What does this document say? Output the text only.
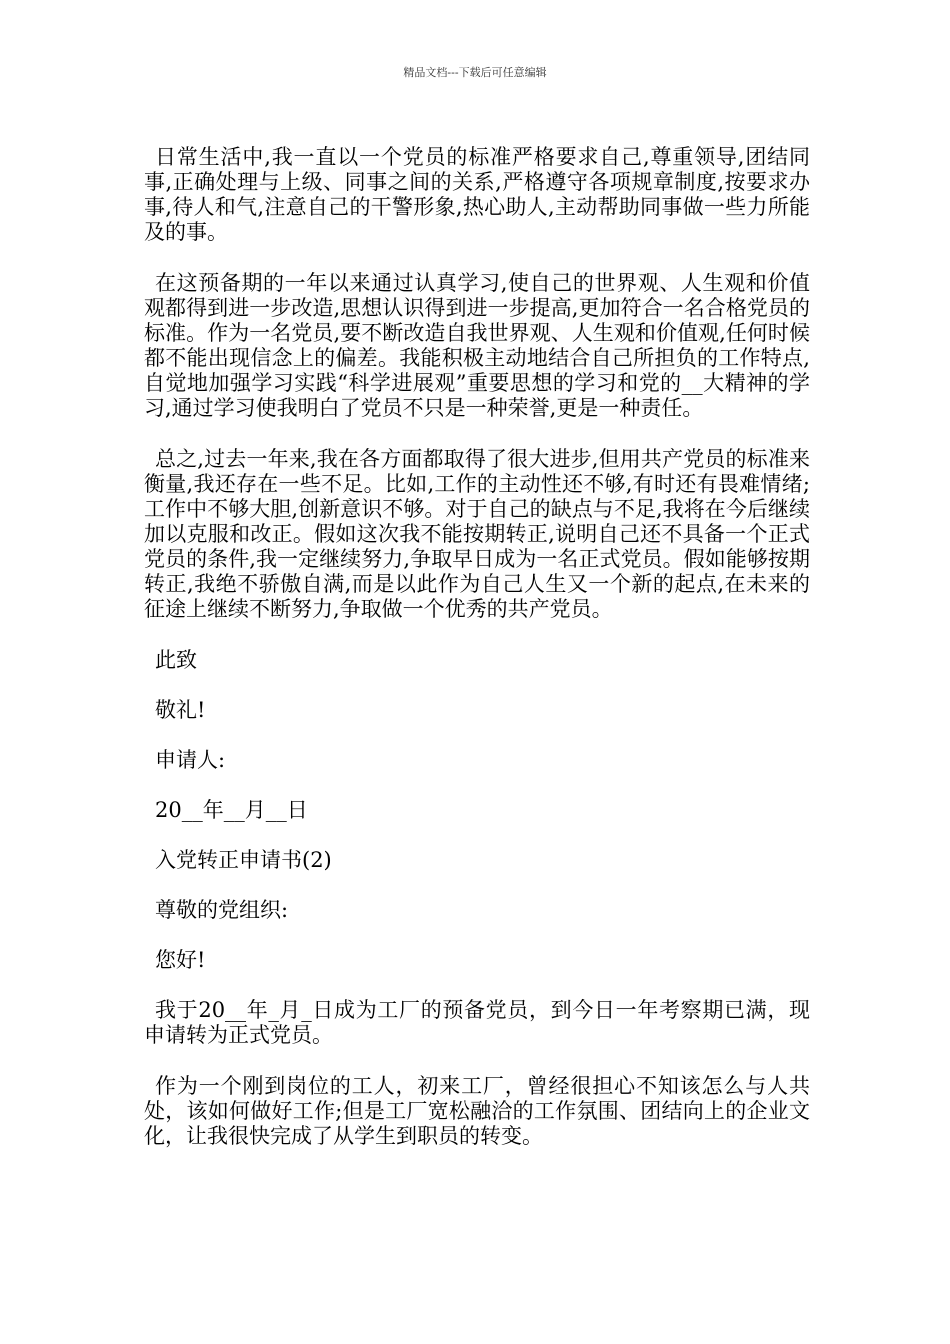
精品文档---下载后可任意编辑

日常生活中,我一直以一个党员的标准严格要求自己,尊重领导,团结同事,正确处理与上级、同事之间的关系,严格遵守各项规章制度,按要求办事,待人和气,注意自己的干警形象,热心助人,主动帮助同事做一些力所能及的事。

在这预备期的一年以来通过认真学习,使自己的世界观、人生观和价值观都得到进一步改造,思想认识得到进一步提高,更加符合一名合格党员的标准。作为一名党员,要不断改造自我世界观、人生观和价值观,任何时候都不能出现信念上的偏差。我能积极主动地结合自己所担负的工作特点,自觉地加强学习实践“科学进展观”重要思想的学习和党的__大精神的学习,通过学习使我明白了党员不只是一种荣誉,更是一种责任。

总之,过去一年来,我在各方面都取得了很大进步,但用共产党员的标准来衡量,我还存在一些不足。比如,工作的主动性还不够,有时还有畏难情绪;工作中不够大胆,创新意识不够。对于自己的缺点与不足,我将在今后继续加以克服和改正。假如这次我不能按期转正,说明自己还不具备一个正式党员的条件,我一定继续努力,争取早日成为一名正式党员。假如能够按期转正,我绝不骄傲自满,而是以此作为自己人生又一个新的起点,在未来的征途上继续不断努力,争取做一个优秀的共产党员。

此致

敬礼!

申请人:

20__年__月__日

入党转正申请书(2)

尊敬的党组织:

您好!

我于20__年_月_日成为工厂的预备党员，到今日一年考察期已满，现申请转为正式党员。

作为一个刚到岗位的工人，初来工厂，曾经很担心不知该怎么与人共处，该如何做好工作;但是工厂宽松融洽的工作氛围、团结向上的企业文化，让我很快完成了从学生到职员的转变。
